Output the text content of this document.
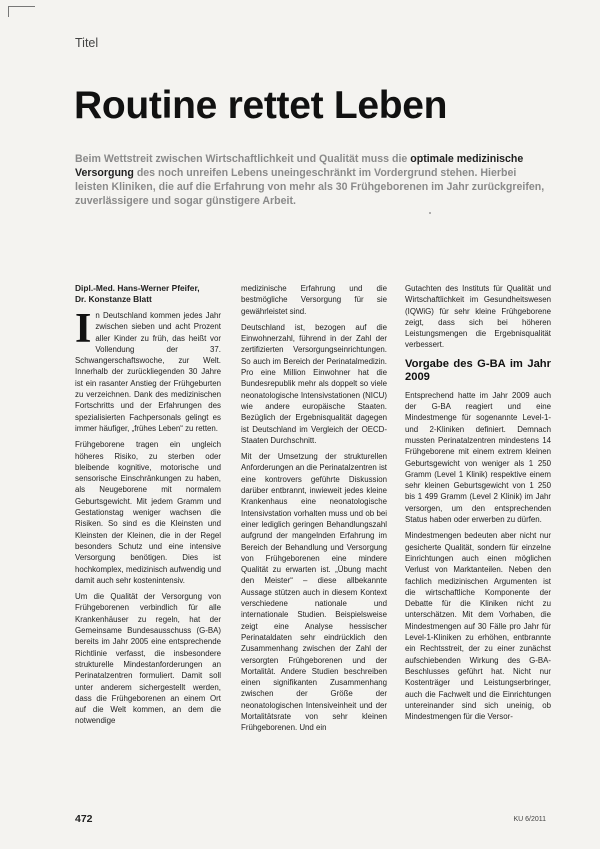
Titel
Routine rettet Leben

Beim Wettstreit zwischen Wirtschaftlichkeit und Qualität muss die optimale medizinische Versorgung des noch unreifen Lebens uneingeschränkt im Vordergrund stehen. Hierbei leisten Kliniken, die auf die Erfahrung von mehr als 30 Frühgeborenen im Jahr zurückgreifen, zuverlässigere und sogar günstigere Arbeit.

Dipl.-Med. Hans-Werner Pfeifer,
Dr. Konstanze Blatt

In Deutschland kommen jedes Jahr zwischen sieben und acht Prozent aller Kinder zu früh, das heißt vor Vollendung der 37. Schwangerschaftswoche, zur Welt. Innerhalb der zurückliegenden 30 Jahre ist ein rasanter Anstieg der Frühgeburten zu verzeichnen. Dank des medizinischen Fortschritts und der Erfahrungen des spezialisierten Fachpersonals gelingt es immer häufiger, „frühes Leben“ zu retten.

Frühgeborene tragen ein ungleich höheres Risiko, zu sterben oder bleibende kognitive, motorische und sensorische Einschränkungen zu haben, als Neugeborene mit normalem Geburtsgewicht. Mit jedem Gramm und Gestationstag weniger wachsen die Risiken. So sind es die Kleinsten und Kleinsten der Kleinen, die in der Regel besonders Schutz und eine intensive Versorgung benötigen. Dies ist hochkomplex, medizinisch aufwendig und damit auch sehr kostenintensiv.

Um die Qualität der Versorgung von Frühgeborenen verbindlich für alle Krankenhäuser zu regeln, hat der Gemeinsame Bundesausschuss (G-BA) bereits im Jahr 2005 eine entsprechende Richtlinie verfasst, die insbesondere strukturelle Mindestanforderungen an Perinatalzentren formuliert. Damit soll unter anderem sichergestellt werden, dass die Frühgeborenen an einem Ort auf die Welt kommen, an dem die notwendige

medizinische Erfahrung und die bestmögliche Versorgung für sie gewährleistet sind.

Deutschland ist, bezogen auf die Einwohnerzahl, führend in der Zahl der zertifizierten Versorgungseinrichtungen. So auch im Bereich der Perinatalmedizin. Pro eine Million Einwohner hat die Bundesrepublik mehr als doppelt so viele neonatologische Intensivstationen (NICU) wie andere europäische Staaten. Bezüglich der Ergebnisqualität dagegen ist Deutschland im Vergleich der OECD-Staaten Durchschnitt.

Mit der Umsetzung der strukturellen Anforderungen an die Perinatalzentren ist eine kontrovers geführte Diskussion darüber entbrannt, inwieweit jedes kleine Krankenhaus eine neonatologische Intensivstation vorhalten muss und ob bei einer lediglich geringen Behandlungszahl aufgrund der mangelnden Erfahrung im Bereich der Behandlung und Versorgung von Frühgeborenen eine mindere Qualität zu erwarten ist. „Übung macht den Meister“ – diese allbekannte Aussage stützen auch in diesem Kontext verschiedene nationale und internationale Studien. Beispielsweise zeigt eine Analyse hessischer Perinataldaten sehr eindrücklich den Zusammenhang zwischen der Zahl der versorgten Frühgeborenen und der Mortalität. Andere Studien beschreiben einen signifikanten Zusammenhang zwischen der Größe der neonatologischen Intensiveinheit und der Mortalitätsrate von sehr kleinen Frühgeborenen. Und ein

Gutachten des Instituts für Qualität und Wirtschaftlichkeit im Gesundheitswesen (IQWiG) für sehr kleine Frühgeborene zeigt, dass sich bei höheren Leistungsmengen die Ergebnisqualität verbessert.

Vorgabe des G-BA im Jahr 2009

Entsprechend hatte im Jahr 2009 auch der G-BA reagiert und eine Mindestmenge für sogenannte Level-1- und 2-Kliniken definiert. Demnach mussten Perinatalzentren mindestens 14 Frühgeborene mit einem extrem kleinen Geburtsgewicht von weniger als 1 250 Gramm (Level 1 Klinik) respektive einem sehr kleinen Geburtsgewicht von 1 250 bis 1 499 Gramm (Level 2 Klinik) im Jahr versorgen, um den entsprechenden Status haben oder erwerben zu dürfen.

Mindestmengen bedeuten aber nicht nur gesicherte Qualität, sondern für einzelne Einrichtungen auch einen möglichen Verlust von Marktanteilen. Neben den fachlich medizinischen Argumenten ist die wirtschaftliche Komponente der Debatte für die Kliniken nicht zu unterschätzen. Mit dem Vorhaben, die Mindestmengen auf 30 Fälle pro Jahr für Level-1-Kliniken zu erhöhen, entbrannte ein Rechtsstreit, der zu einer zunächst aufschiebenden Wirkung des G-BA-Beschlusses geführt hat. Nicht nur Kostenträger und Leistungserbringer, auch die Fachwelt und die Einrichtungen untereinander sind sich uneinig, ob Mindestmengen für die Versor-

472	KU 6/2011
